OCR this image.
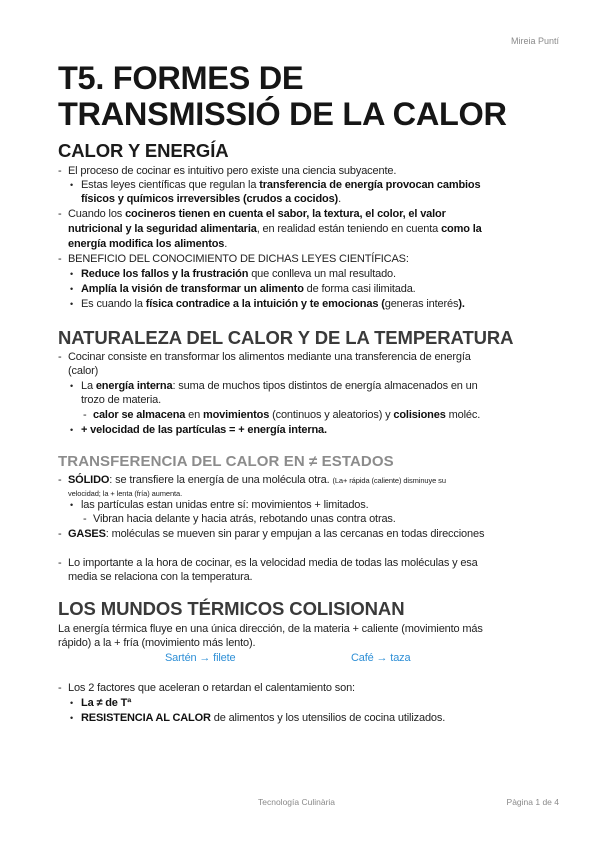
Mireia Puntí
T5. FORMES DE
TRANSMISSIÓ DE LA CALOR
CALOR Y ENERGÍA
- El proceso de cocinar es intuitivo pero existe una ciencia subyacente.
• Estas leyes científicas que regulan la transferencia de energía provocan cambios
físicos y químicos irreversibles (crudos a cocidos).
- Cuando los cocineros tienen en cuenta el sabor, la textura, el color, el valor
nutricional y la seguridad alimentaria, en realidad están teniendo en cuenta como la
energía modifica los alimentos.
- BENEFICIO DEL CONOCIMIENTO DE DICHAS LEYES CIENTÍFICAS:
• Reduce los fallos y la frustración que conlleva un mal resultado.
• Amplía la visión de transformar un alimento de forma casi ilimitada.
• Es cuando la física contradice a la intuición y te emocionas (generas interés).
NATURALEZA DEL CALOR Y DE LA TEMPERATURA
- Cocinar consiste en transformar los alimentos mediante una transferencia de energía
(calor)
• La energía interna: suma de muchos tipos distintos de energía almacenados en un
trozo de materia.
- calor se almacena en movimientos (continuos y aleatorios) y colisiones moléc.
• + velocidad de las partículas = + energía interna.
TRANSFERENCIA DEL CALOR EN ≠ ESTADOS
- SÓLIDO: se transfiere la energía de una molécula otra. (La+ rápida (caliente) disminuye su
velocidad; la + lenta (fría) aumenta.
• las partículas estan unidas entre sí: movimientos + limitados.
- Vibran hacia delante y hacia atrás, rebotando unas contra otras.
- GASES: moléculas se mueven sin parar y empujan a las cercanas en todas direcciones
- Lo importante a la hora de cocinar, es la velocidad media de todas las moléculas y esa
media se relaciona con la temperatura.
LOS MUNDOS TÉRMICOS COLISIONAN
La energía térmica fluye en una única dirección, de la materia + caliente (movimiento más
rápido) a la + fría (movimiento más lento).
Sartén → filete	Café → taza
- Los 2 factores que aceleran o retardan el calentamiento son:
• La ≠ de Tª
• RESISTENCIA AL CALOR de alimentos y los utensilios de cocina utilizados.
Tecnología Culinària	Pàgina 1 de 4
